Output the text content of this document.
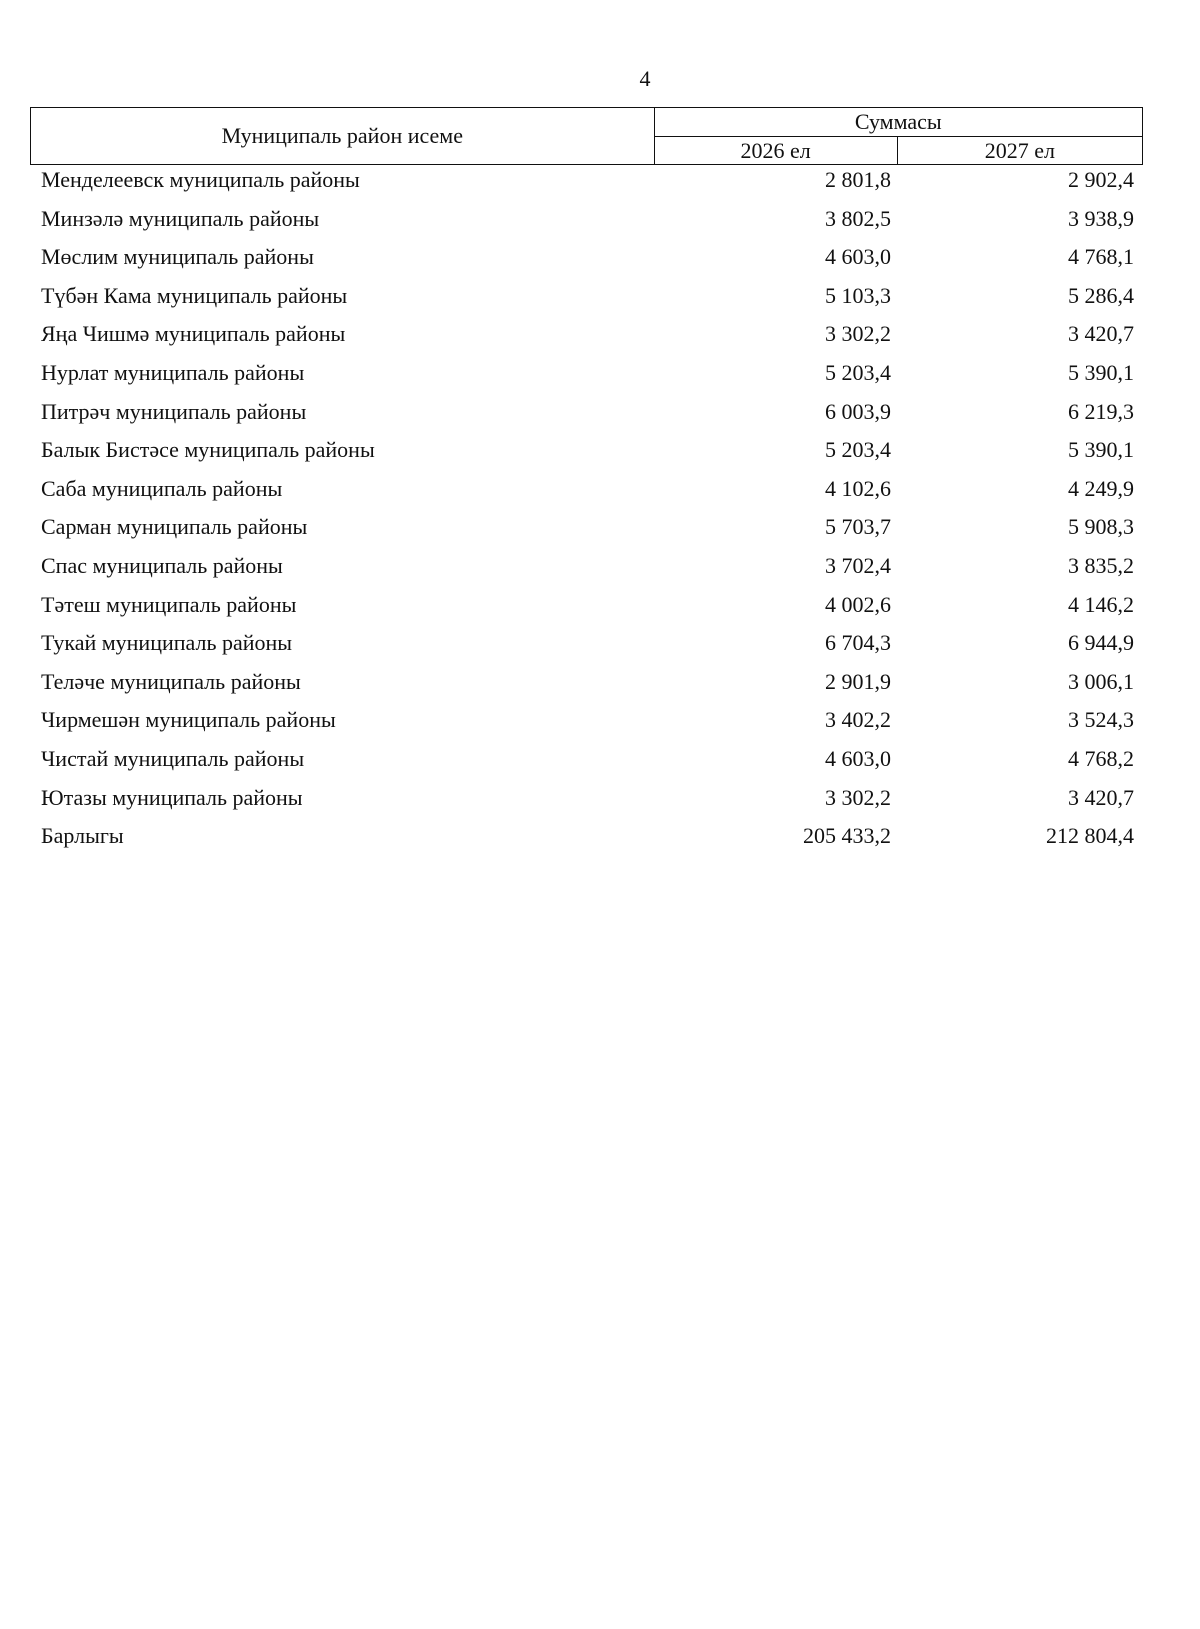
4
Муниципаль район исеме	Суммасы	
	2026 ел	2027 ел
Менделеевск муниципаль районы	2 801,8	2 902,4
Минзәлә муниципаль районы	3 802,5	3 938,9
Мөслим муниципаль районы	4 603,0	4 768,1
Түбән Кама муниципаль районы	5 103,3	5 286,4
Яңа Чишмә муниципаль районы	3 302,2	3 420,7
Нурлат муниципаль районы	5 203,4	5 390,1
Питрәч муниципаль районы	6 003,9	6 219,3
Балык Бистәсе муниципаль районы	5 203,4	5 390,1
Саба муниципаль районы	4 102,6	4 249,9
Сарман муниципаль районы	5 703,7	5 908,3
Спас муниципаль районы	3 702,4	3 835,2
Тәтеш муниципаль районы	4 002,6	4 146,2
Тукай муниципаль районы	6 704,3	6 944,9
Теләче муниципаль районы	2 901,9	3 006,1
Чирмешән муниципаль районы	3 402,2	3 524,3
Чистай муниципаль районы	4 603,0	4 768,2
Ютазы муниципаль районы	3 302,2	3 420,7
Барлыгы	205 433,2	212 804,4
